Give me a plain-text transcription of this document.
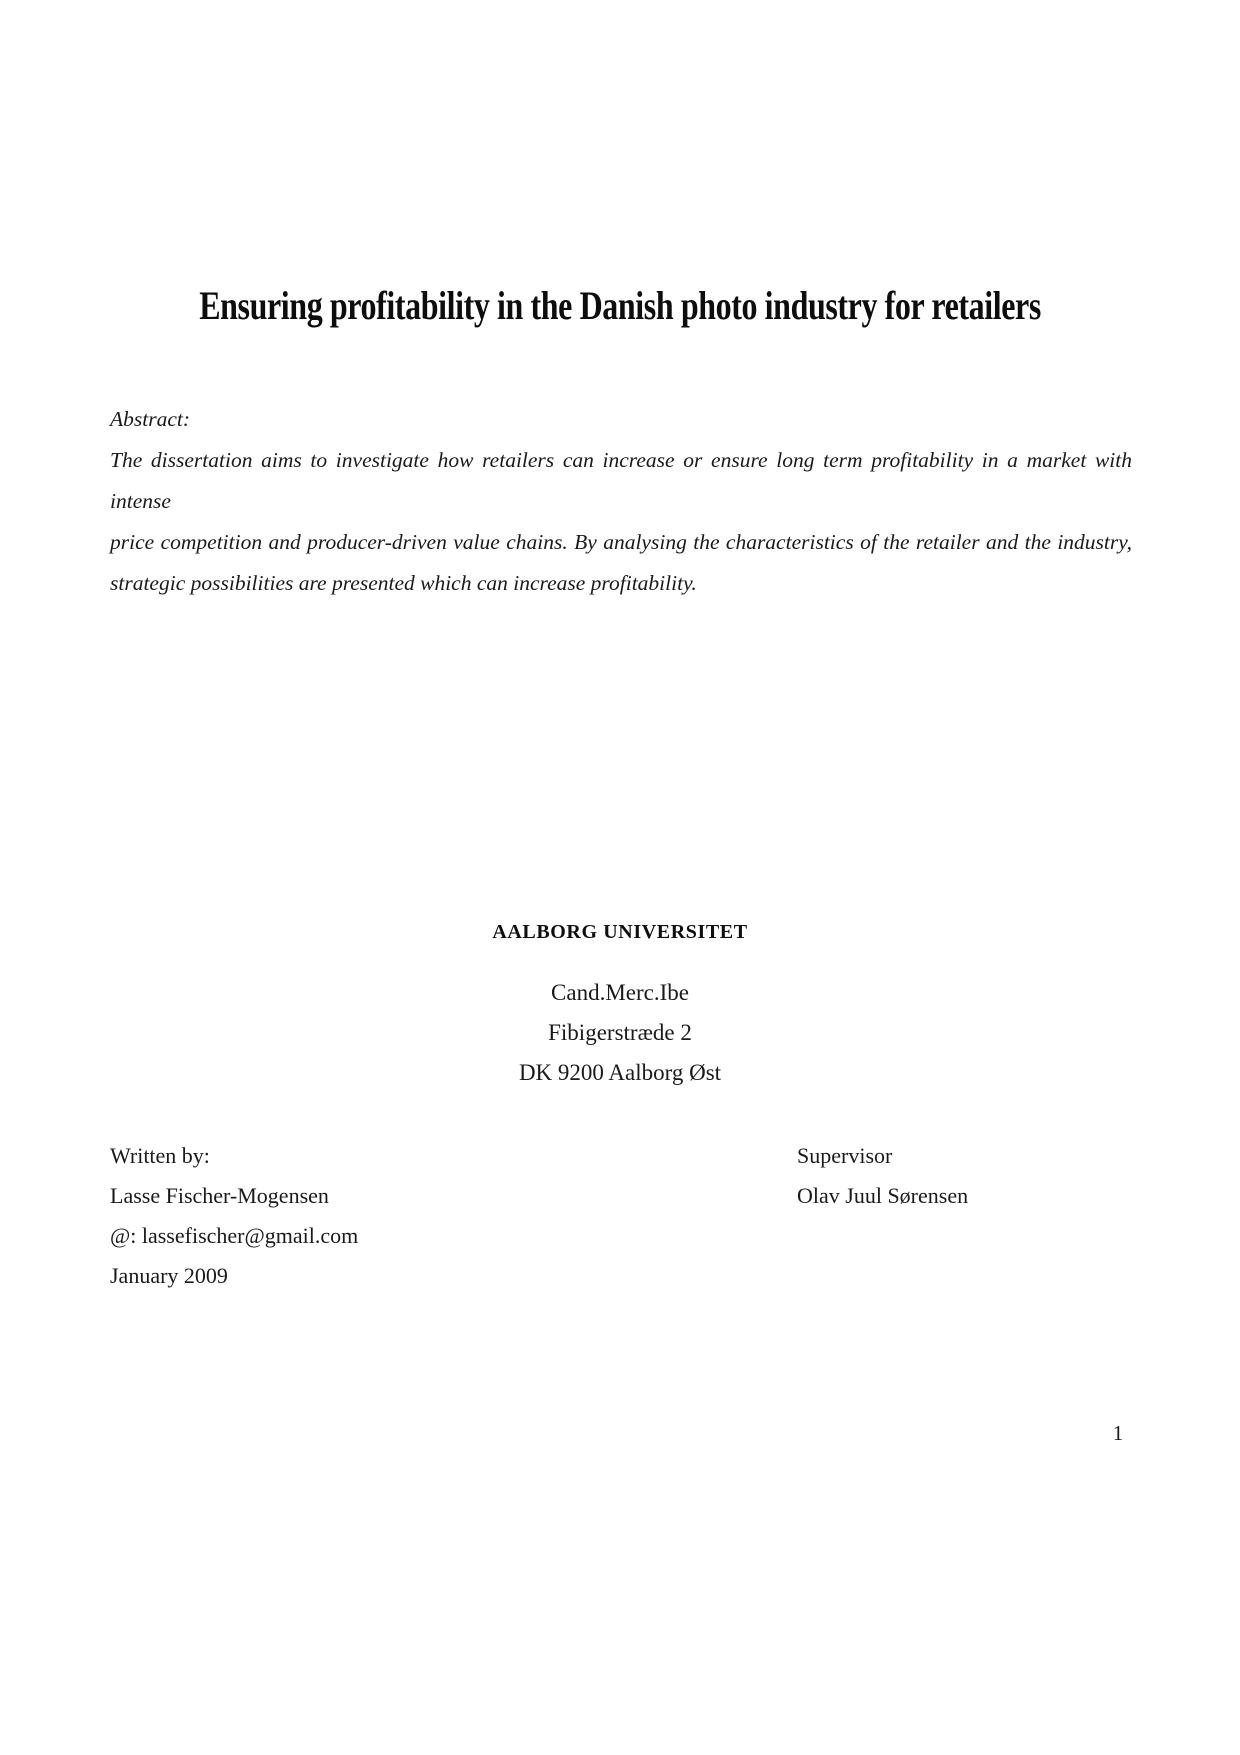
Ensuring profitability in the Danish photo industry for retailers
Abstract:
The dissertation aims to investigate how retailers can increase or ensure long term profitability in a market with intense
price competition and producer-driven value chains. By analysing the characteristics of the retailer and the industry,
strategic possibilities are presented which can increase profitability.
AALBORG UNIVERSITET
Cand.Merc.Ibe
Fibigerstræde 2
DK 9200 Aalborg Øst
Written by:
Lasse Fischer-Mogensen
@: lassefischer@gmail.com
January 2009
Supervisor
Olav Juul Sørensen
1
